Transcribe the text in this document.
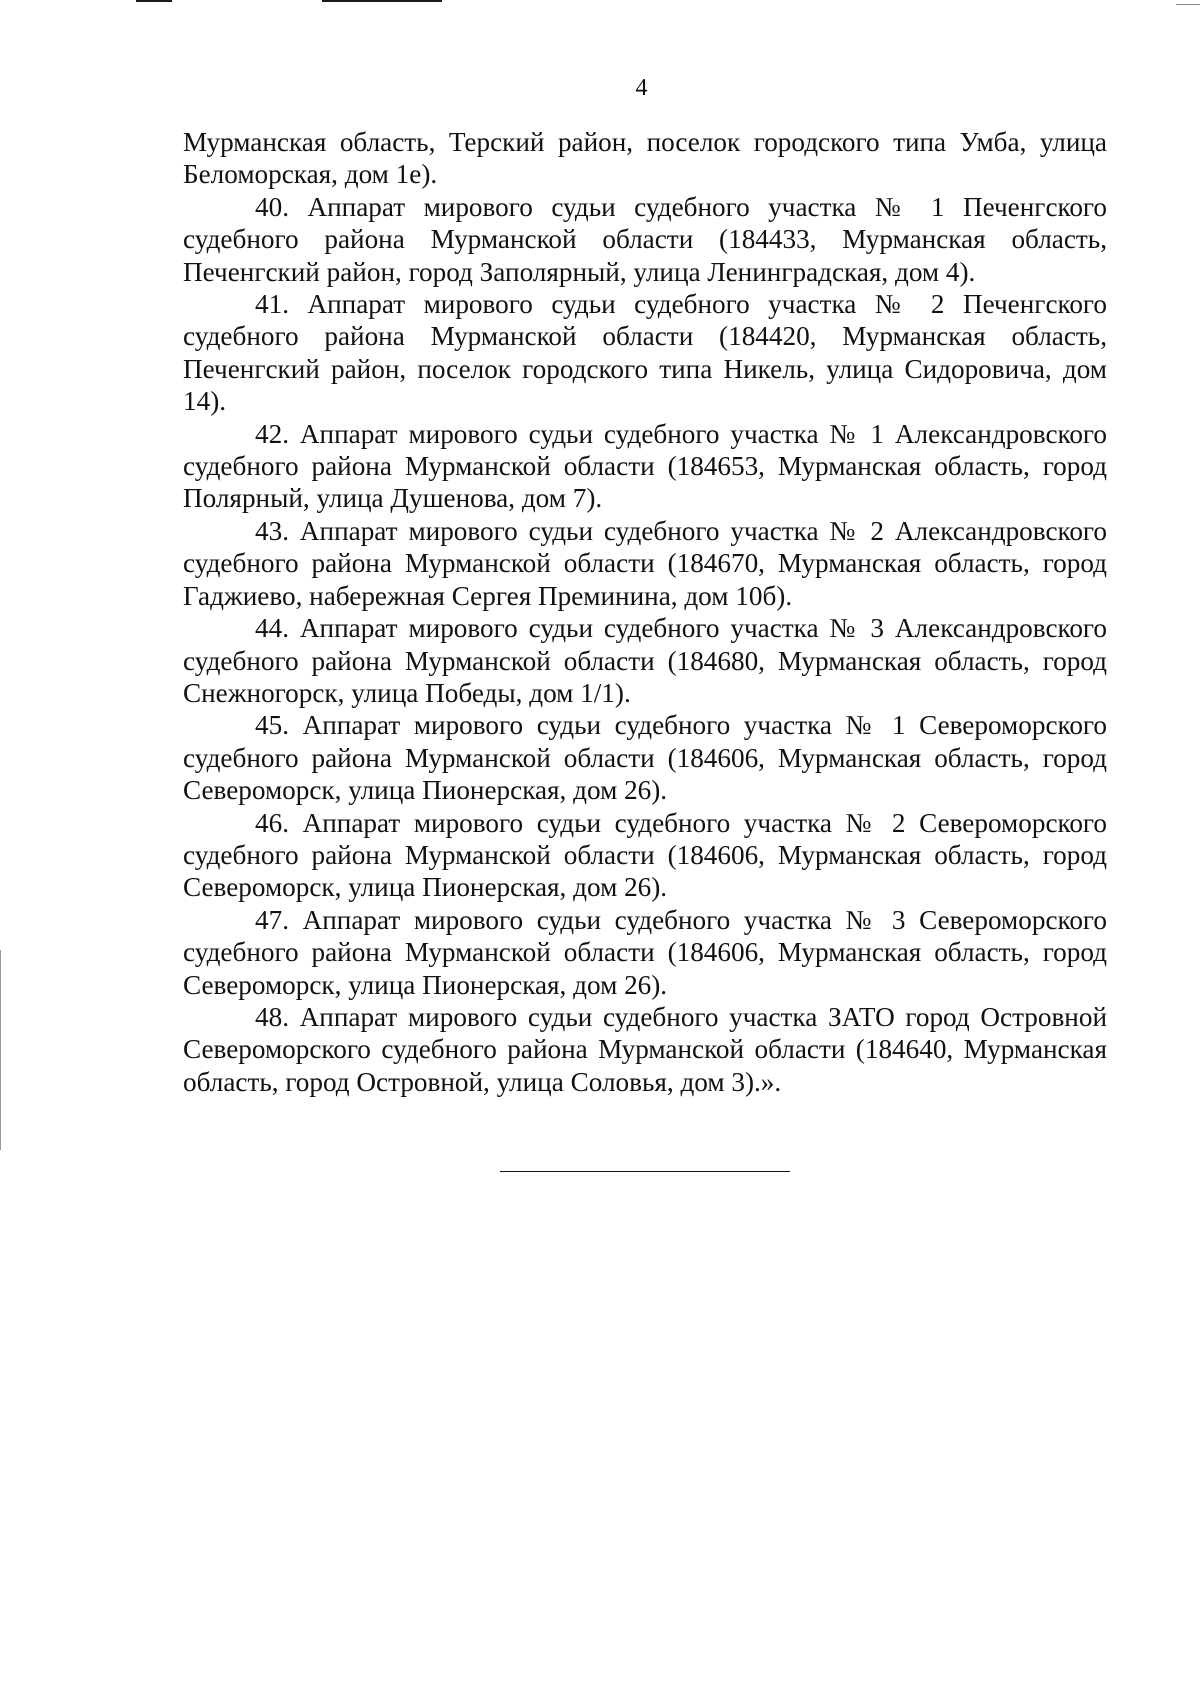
4

Мурманская область, Терский район, поселок городского типа Умба, улица Беломорская, дом 1е).

40. Аппарат мирового судьи судебного участка № 1 Печенгского судебного района Мурманской области (184433, Мурманская область, Печенгский район, город Заполярный, улица Ленинградская, дом 4).

41. Аппарат мирового судьи судебного участка № 2 Печенгского судебного района Мурманской области (184420, Мурманская область, Печенгский район, поселок городского типа Никель, улица Сидоровича, дом 14).

42. Аппарат мирового судьи судебного участка № 1 Александровского судебного района Мурманской области (184653, Мурманская область, город Полярный, улица Душенова, дом 7).

43. Аппарат мирового судьи судебного участка № 2 Александровского судебного района Мурманской области (184670, Мурманская область, город Гаджиево, набережная Сергея Преминина, дом 10б).

44. Аппарат мирового судьи судебного участка № 3 Александровского судебного района Мурманской области (184680, Мурманская область, город Снежногорск, улица Победы, дом 1/1).

45. Аппарат мирового судьи судебного участка № 1 Североморского судебного района Мурманской области (184606, Мурманская область, город Североморск, улица Пионерская, дом 26).

46. Аппарат мирового судьи судебного участка № 2 Североморского судебного района Мурманской области (184606, Мурманская область, город Североморск, улица Пионерская, дом 26).

47. Аппарат мирового судьи судебного участка № 3 Североморского судебного района Мурманской области (184606, Мурманская область, город Североморск, улица Пионерская, дом 26).

48. Аппарат мирового судьи судебного участка ЗАТО город Островной Североморского судебного района Мурманской области (184640, Мурманская область, город Островной, улица Соловья, дом 3).».
